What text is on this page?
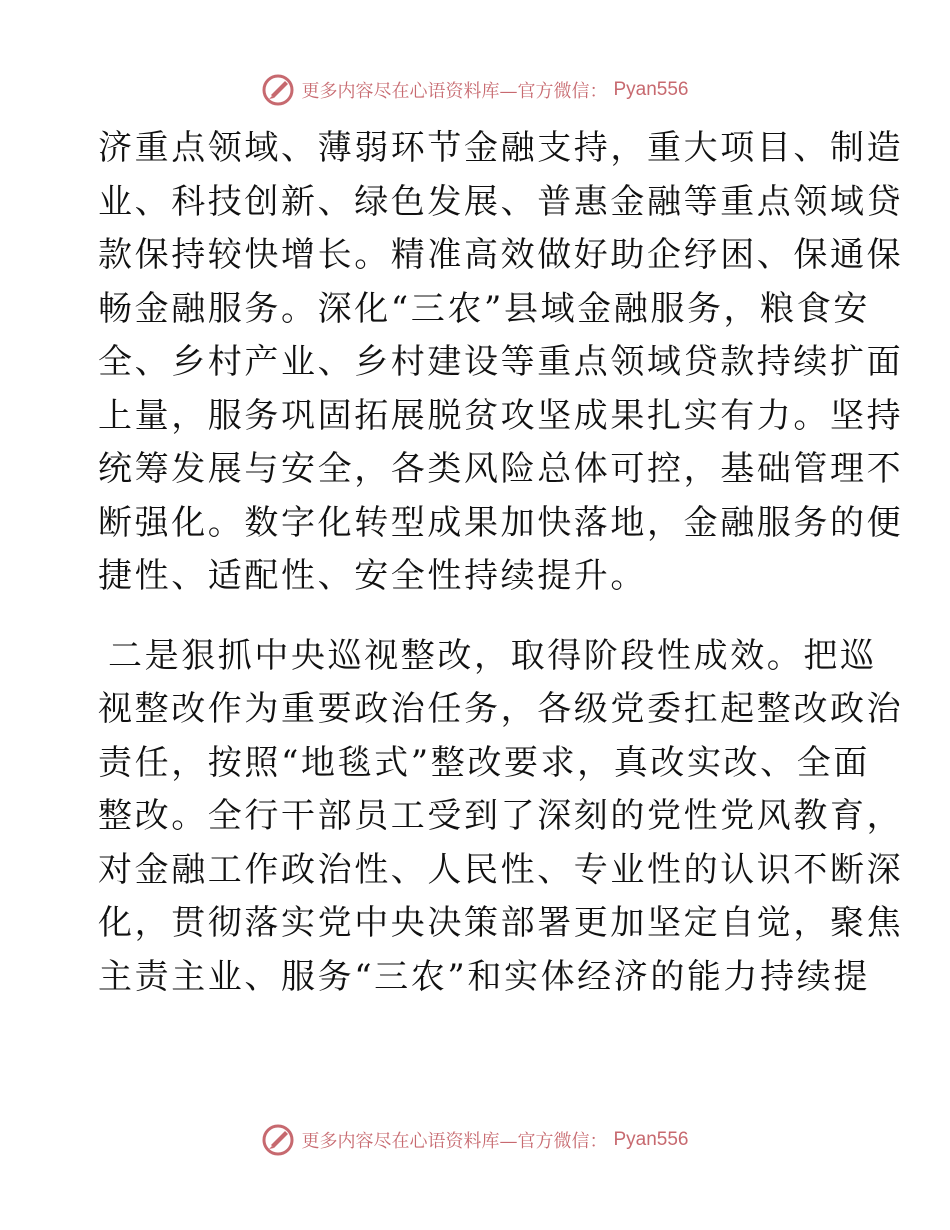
更多内容尽在心语资料库—官方微信： Pyan556

济重点领域、薄弱环节金融支持，重大项目、制造
业、科技创新、绿色发展、普惠金融等重点领域贷
款保持较快增长。精准高效做好助企纾困、保通保
畅金融服务。深化“三农”县域金融服务，粮食安
全、乡村产业、乡村建设等重点领域贷款持续扩面
上量，服务巩固拓展脱贫攻坚成果扎实有力。坚持
统筹发展与安全，各类风险总体可控，基础管理不
断强化。数字化转型成果加快落地，金融服务的便
捷性、适配性、安全性持续提升。

二是狠抓中央巡视整改，取得阶段性成效。把巡
视整改作为重要政治任务，各级党委扛起整改政治
责任，按照“地毯式”整改要求，真改实改、全面
整改。全行干部员工受到了深刻的党性党风教育，
对金融工作政治性、人民性、专业性的认识不断深
化，贯彻落实党中央决策部署更加坚定自觉，聚焦
主责主业、服务“三农”和实体经济的能力持续提

更多内容尽在心语资料库—官方微信： Pyan556
